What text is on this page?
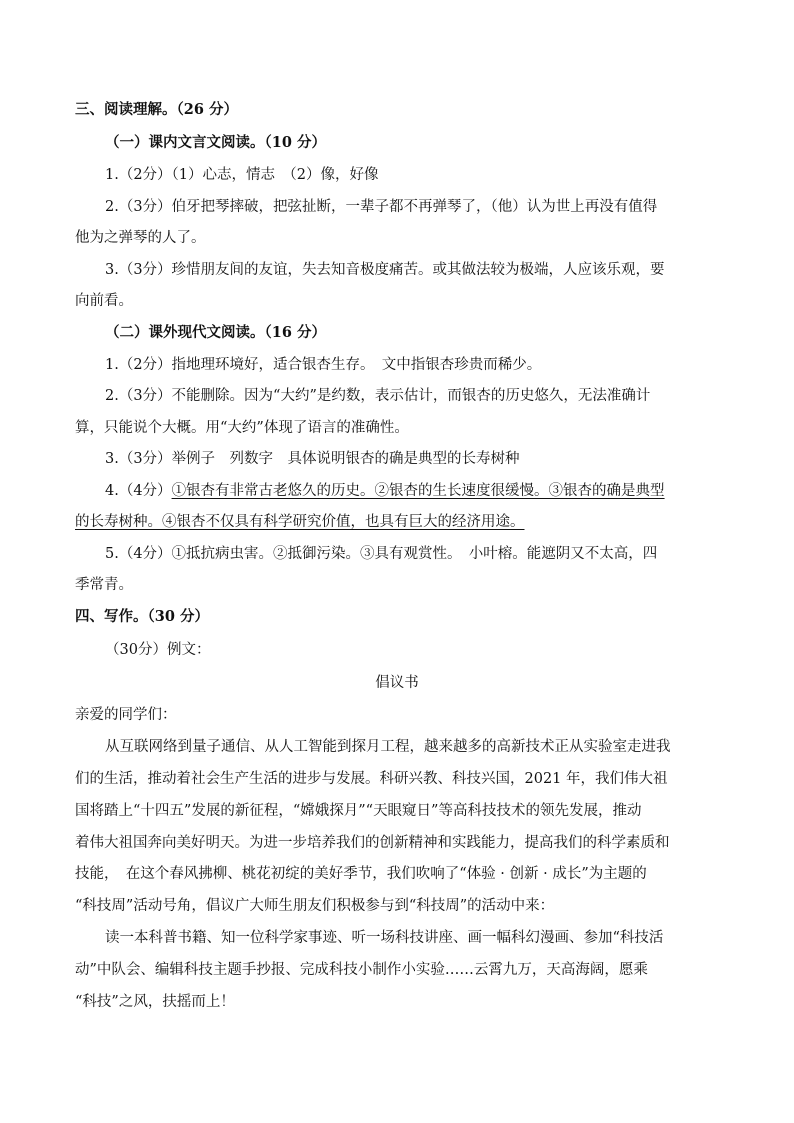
三、阅读理解。（26 分）
（一）课内文言文阅读。（10 分）
1.（2分）（1）心志，情志　（2）像，好像
2.（3分）伯牙把琴摔破，把弦扯断，一辈子都不再弹琴了，（他）认为世上再没有值得
他为之弹琴的人了。
3.（3分）珍惜朋友间的友谊，失去知音极度痛苦。或其做法较为极端，人应该乐观，要
向前看。
（二）课外现代文阅读。（16 分）
1.（2分）指地理环境好，适合银杏生存。　文中指银杏珍贵而稀少。
2.（3分）不能删除。因为“大约”是约数，表示估计，而银杏的历史悠久，无法准确计
算，只能说个大概。用“大约”体现了语言的准确性。
3.（3分）举例子　列数字　具体说明银杏的确是典型的长寿树种
4.（4分）①银杏有非常古老悠久的历史。②银杏的生长速度很缓慢。③银杏的确是典型
的长寿树种。④银杏不仅具有科学研究价值，也具有巨大的经济用途。
5.（4分）①抵抗病虫害。②抵御污染。③具有观赏性。　小叶榕。能遮阴又不太高，四
季常青。
四、写作。（30 分）
（30分）例文：
倡议书
亲爱的同学们：
从互联网络到量子通信、从人工智能到探月工程，越来越多的高新技术正从实验室走进我
们的生活，推动着社会生产生活的进步与发展。科研兴教、科技兴国，2021 年，我们伟大祖
国将踏上“十四五”发展的新征程，“嫦娥探月”“天眼窥日”等高科技技术的领先发展，推动
着伟大祖国奔向美好明天。为进一步培养我们的创新精神和实践能力，提高我们的科学素质和
技能，　在这个春风拂柳、桃花初绽的美好季节，我们吹响了“体验 · 创新 · 成长”为主题的
“科技周”活动号角，倡议广大师生朋友们积极参与到“科技周”的活动中来：
读一本科普书籍、知一位科学家事迹、听一场科技讲座、画一幅科幻漫画、参加“科技活
动”中队会、编辑科技主题手抄报、完成科技小制作小实验……云霄九万，天高海阔，愿乘
“科技”之风，扶摇而上！
